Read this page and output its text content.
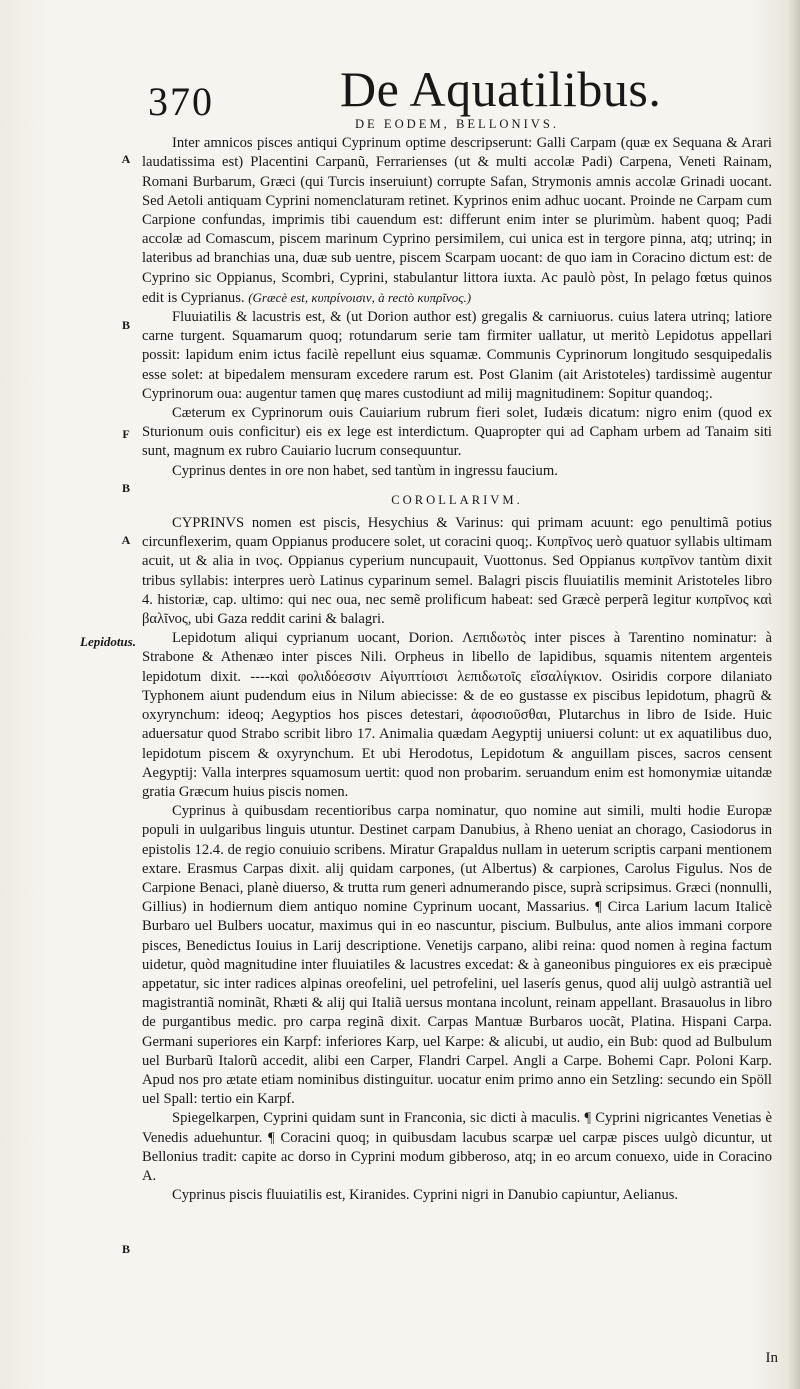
370	De Aquatilibus.
A
B
F
B
A
Lepidotus.
B

DE EODEM, BELLONIVS.

Inter amnicos pisces antiqui Cyprinum optime descripserunt: Galli Carpam (quæ ex Sequana & Arari laudatissima est) Placentini Carpanũ, Ferrarienses (ut & multi accolæ Padi) Carpena, Veneti Rainam, Romani Burbarum, Græci (qui Turcis inseruiunt) corrupte Safan, Strymonis amnis accolæ Grinadi uocant. Sed Aetoli antiquam Cyprini nomenclaturam retinet. Kyprinos enim adhuc uocant. Proinde ne Carpam cum Carpione confundas, imprimis tibi cauendum est: differunt enim inter se plurimùm. habent quoq; Padi accolæ ad Comascum, piscem marinum Cyprino persimilem, cui unica est in tergore pinna, atq; utrinq; in lateribus ad branchias una, duæ sub uentre, piscem Scarpam uocant: de quo iam in Coracino dictum est: de Cyprino sic Oppianus, Scombri, Cyprini, stabulantur littora iuxta. Ac paulò pòst, In pelago fœtus quinos edit is Cyprianus. (Græcè est, κυπρίνοισιν, à rectò κυπρῖνος.)

Fluuiatilis & lacustris est, & (ut Dorion author est) gregalis & carniuorus. cuius latera utrinq; latiore carne turgent. Squamarum quoq; rotundarum serie tam firmiter uallatur, ut meritò Lepidotus appellari possit: lapidum enim ictus facilè repellunt eius squamæ. Communis Cyprinorum longitudo sesquipedalis esse solet: at bipedalem mensuram excedere rarum est. Post Glanim (ait Aristoteles) tardissimè augentur Cyprinorum oua: augentur tamen quę mares custodiunt ad milij magnitudinem: Sopitur quandoq;.

Cæterum ex Cyprinorum ouis Cauiarium rubrum fieri solet, Iudæis dicatum: nigro enim (quod ex Sturionum ouis conficitur) eis ex lege est interdictum. Quapropter qui ad Capham urbem ad Tanaim siti sunt, magnum ex rubro Cauiario lucrum consequuntur.

Cyprinus dentes in ore non habet, sed tantùm in ingressu faucium.

COROLLARIVM.

CYPRINVS nomen est piscis, Hesychius & Varinus: qui primam acuunt: ego penultimã potius circunflexerim, quam Oppianus producere solet, ut coracini quoq;. Κυπρῖνος uerò quatuor syllabis ultimam acuit, ut & alia in ινος. Oppianus cyperium nuncupauit, Vuottonus. Sed Oppianus κυπρῖνον tantùm dixit tribus syllabis: interpres uerò Latinus cyparinum semel. Balagri piscis fluuiatilis meminit Aristoteles libro 4. historiæ, cap. ultimo: qui nec oua, nec semẽ prolificum habeat: sed Græcè perperã legitur κυπρῖνος καὶ βαλῖνος, ubi Gaza reddit carini & balagri.

Lepidotum aliqui cyprianum uocant, Dorion. Λεπιδωτὸς inter pisces à Tarentino nominatur: à Strabone & Athenæo inter pisces Nili. Orpheus in libello de lapidibus, squamis nitentem argenteis lepidotum dixit. ----καὶ φολιδόεσσιν Αἰγυπτίοισι λεπιδωτοῖς εἴσαλίγκιον. Osiridis corpore dilaniato Typhonem aiunt pudendum eius in Nilum abiecisse: & de eo gustasse ex piscibus lepidotum, phagrũ & oxyrynchum: ideoq; Aegyptios hos pisces detestari, ἀφοσιοῦσθαι, Plutarchus in libro de Iside. Huic aduersatur quod Strabo scribit libro 17. Animalia quædam Aegyptij uniuersi colunt: ut ex aquatilibus duo, lepidotum piscem & oxyrynchum. Et ubi Herodotus, Lepidotum & anguillam pisces, sacros censent Aegyptij: Valla interpres squamosum uertit: quod non probarim. seruandum enim est homonymiæ uitandæ gratia Græcum huius piscis nomen.

Cyprinus à quibusdam recentioribus carpa nominatur, quo nomine aut simili, multi hodie Europæ populi in uulgaribus linguis utuntur. Destinet carpam Danubius, à Rheno ueniat an chorago, Casiodorus in epistolis 12.4. de regio conuiuio scribens. Miratur Grapaldus nullam in ueterum scriptis carpani mentionem extare. Erasmus Carpas dixit. alij quidam carpones, (ut Albertus) & carpiones, Carolus Figulus. Nos de Carpione Benaci, planè diuerso, & trutta rum generi adnumerando pisce, suprà scripsimus. Græci (nonnulli, Gillius) in hodiernum diem antiquo nomine Cyprinum uocant, Massarius. ¶ Circa Larium lacum Italicè Burbaro uel Bulbers uocatur, maximus qui in eo nascuntur, piscium. Bulbulus, ante alios immani corpore pisces, Benedictus Iouius in Larij descriptione. Venetijs carpano, alibi reina: quod nomen à regina factum uidetur, quòd magnitudine inter fluuiatiles & lacustres excedat: & à ganeonibus pinguiores ex eis præcipuè appetatur, sic inter radices alpinas oreofelini, uel petrofelini, uel laserís genus, quod alij uulgò astrantiã uel magistrantiã nominãt, Rhæti & alij qui Italiã uersus montana incolunt, reinam appellant. Brasauolus in libro de purgantibus medic. pro carpa reginã dixit. Carpas Mantuæ Burbaros uocãt, Platina. Hispani Carpa. Germani superiores ein Karpf: inferiores Karp, uel Karpe: & alicubi, ut audio, ein Bub: quod ad Bulbulum uel Burbarũ Italorũ accedit, alibi een Carper, Flandri Carpel. Angli a Carpe. Bohemi Capr. Poloni Karp. Apud nos pro ætate etiam nominibus distinguitur. uocatur enim primo anno ein Setzling: secundo ein Spöll uel Spall: tertio ein Karpf.

Spiegelkarpen, Cyprini quidam sunt in Franconia, sic dicti à maculis. ¶ Cyprini nigricantes Venetias è Venedis aduehuntur. ¶ Coracini quoq; in quibusdam lacubus scarpæ uel carpæ pisces uulgò dicuntur, ut Bellonius tradit: capite ac dorso in Cyprini modum gibberoso, atq; in eo arcum conuexo, uide in Coracino A.

Cyprinus piscis fluuiatilis est, Kiranides. Cyprini nigri in Danubio capiuntur, Aelianus.

In
